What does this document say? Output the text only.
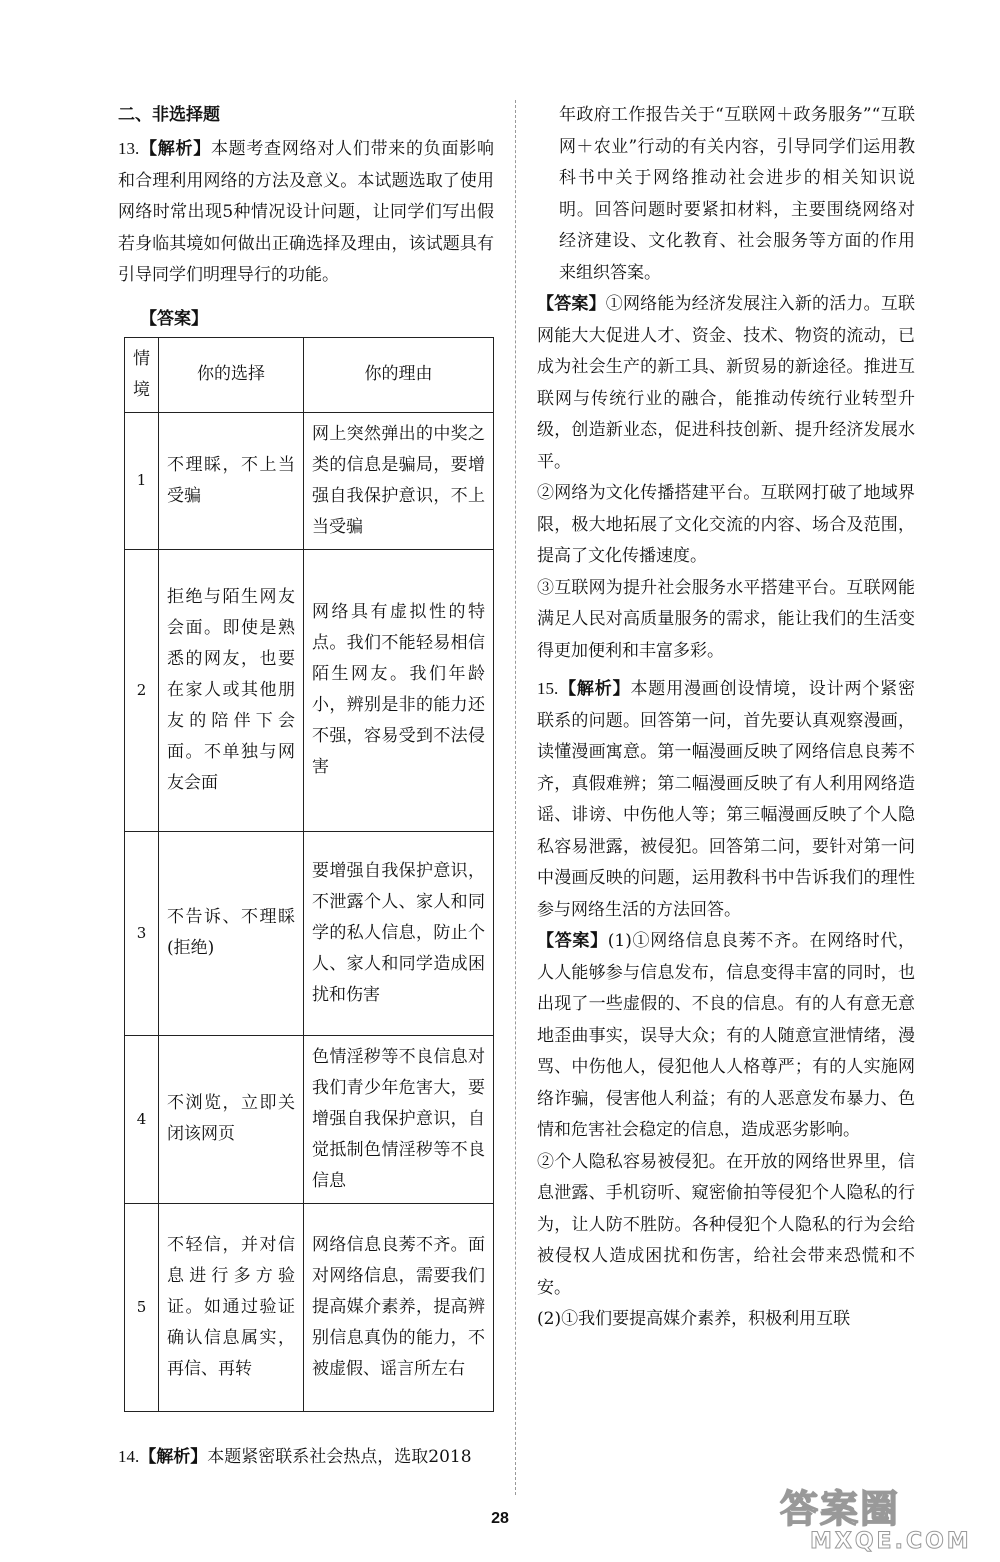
二、非选择题

13.【解析】本题考查网络对人们带来的负面影响和合理利用网络的方法及意义。本试题选取了使用网络时常出现5种情况设计问题，让同学们写出假若身临其境如何做出正确选择及理由，该试题具有引导同学们明理导行的功能。

【答案】
情境	你的选择	你的理由
1	不理睬，不上当受骗	网上突然弹出的中奖之类的信息是骗局，要增强自我保护意识，不上当受骗
2	拒绝与陌生网友会面。即使是熟悉的网友，也要在家人或其他朋友的陪伴下会面。不单独与网友会面	网络具有虚拟性的特点。我们不能轻易相信陌生网友。我们年龄小，辨别是非的能力还不强，容易受到不法侵害
3	不告诉、不理睬(拒绝)	要增强自我保护意识，不泄露个人、家人和同学的私人信息，防止个人、家人和同学造成困扰和伤害
4	不浏览，立即关闭该网页	色情淫秽等不良信息对我们青少年危害大，要增强自我保护意识，自觉抵制色情淫秽等不良信息
5	不轻信，并对信息进行多方验证。如通过验证确认信息属实，再信、再转	网络信息良莠不齐。面对网络信息，需要我们提高媒介素养，提高辨别信息真伪的能力，不被虚假、谣言所左右
14.【解析】本题紧密联系社会热点，选取2018

年政府工作报告关于“互联网＋政务服务”“互联网＋农业”行动的有关内容，引导同学们运用教科书中关于网络推动社会进步的相关知识说明。回答问题时要紧扣材料，主要围绕网络对经济建设、文化教育、社会服务等方面的作用来组织答案。

【答案】①网络能为经济发展注入新的活力。互联网能大大促进人才、资金、技术、物资的流动，已成为社会生产的新工具、新贸易的新途径。推进互联网与传统行业的融合，能推动传统行业转型升级，创造新业态，促进科技创新、提升经济发展水平。

②网络为文化传播搭建平台。互联网打破了地域界限，极大地拓展了文化交流的内容、场合及范围，提高了文化传播速度。

③互联网为提升社会服务水平搭建平台。互联网能满足人民对高质量服务的需求，能让我们的生活变得更加便利和丰富多彩。

15.【解析】本题用漫画创设情境，设计两个紧密联系的问题。回答第一问，首先要认真观察漫画，读懂漫画寓意。第一幅漫画反映了网络信息良莠不齐，真假难辨；第二幅漫画反映了有人利用网络造谣、诽谤、中伤他人等；第三幅漫画反映了个人隐私容易泄露，被侵犯。回答第二问，要针对第一问中漫画反映的问题，运用教科书中告诉我们的理性参与网络生活的方法回答。

【答案】(1)①网络信息良莠不齐。在网络时代，人人能够参与信息发布，信息变得丰富的同时，也出现了一些虚假的、不良的信息。有的人有意无意地歪曲事实，误导大众；有的人随意宣泄情绪，漫骂、中伤他人，侵犯他人人格尊严；有的人实施网络诈骗，侵害他人利益；有的人恶意发布暴力、色情和危害社会稳定的信息，造成恶劣影响。

②个人隐私容易被侵犯。在开放的网络世界里，信息泄露、手机窃听、窥密偷拍等侵犯个人隐私的行为，让人防不胜防。各种侵犯个人隐私的行为会给被侵权人造成困扰和伤害，给社会带来恐慌和不安。

(2)①我们要提高媒介素养，积极利用互联

28	答案圈
MXQE.COM
